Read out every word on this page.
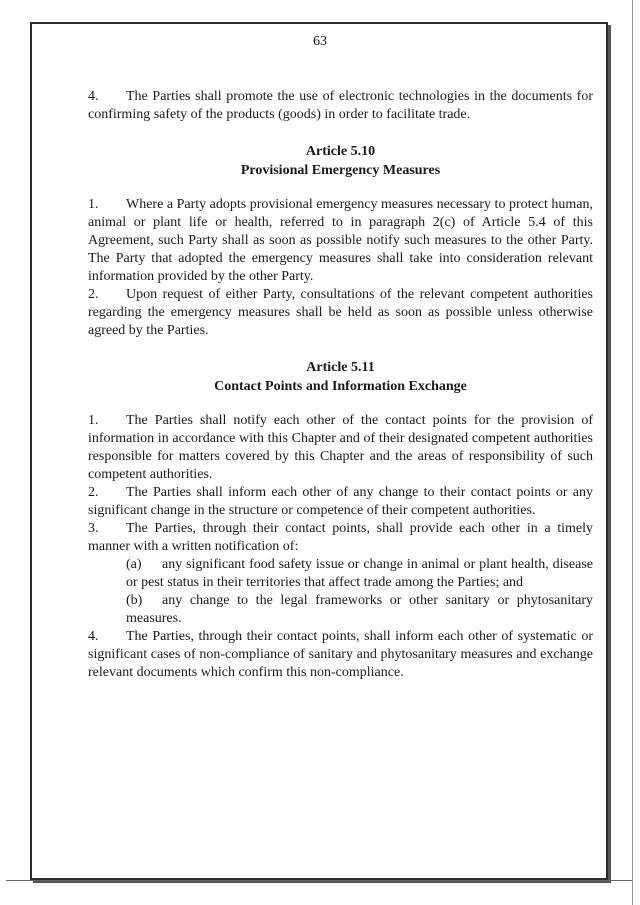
63

4. The Parties shall promote the use of electronic technologies in the documents for confirming safety of the products (goods) in order to facilitate trade.

Article 5.10

Provisional Emergency Measures

1. Where a Party adopts provisional emergency measures necessary to protect human, animal or plant life or health, referred to in paragraph 2(c) of Article 5.4 of this Agreement, such Party shall as soon as possible notify such measures to the other Party. The Party that adopted the emergency measures shall take into consideration relevant information provided by the other Party.

2. Upon request of either Party, consultations of the relevant competent authorities regarding the emergency measures shall be held as soon as possible unless otherwise agreed by the Parties.

Article 5.11

Contact Points and Information Exchange

1. The Parties shall notify each other of the contact points for the provision of information in accordance with this Chapter and of their designated competent authorities responsible for matters covered by this Chapter and the areas of responsibility of such competent authorities.

2. The Parties shall inform each other of any change to their contact points or any significant change in the structure or competence of their competent authorities.

3. The Parties, through their contact points, shall provide each other in a timely manner with a written notification of:

(a) any significant food safety issue or change in animal or plant health, disease or pest status in their territories that affect trade among the Parties; and

(b) any change to the legal frameworks or other sanitary or phytosanitary measures.

4. The Parties, through their contact points, shall inform each other of systematic or significant cases of non-compliance of sanitary and phytosanitary measures and exchange relevant documents which confirm this non-compliance.
